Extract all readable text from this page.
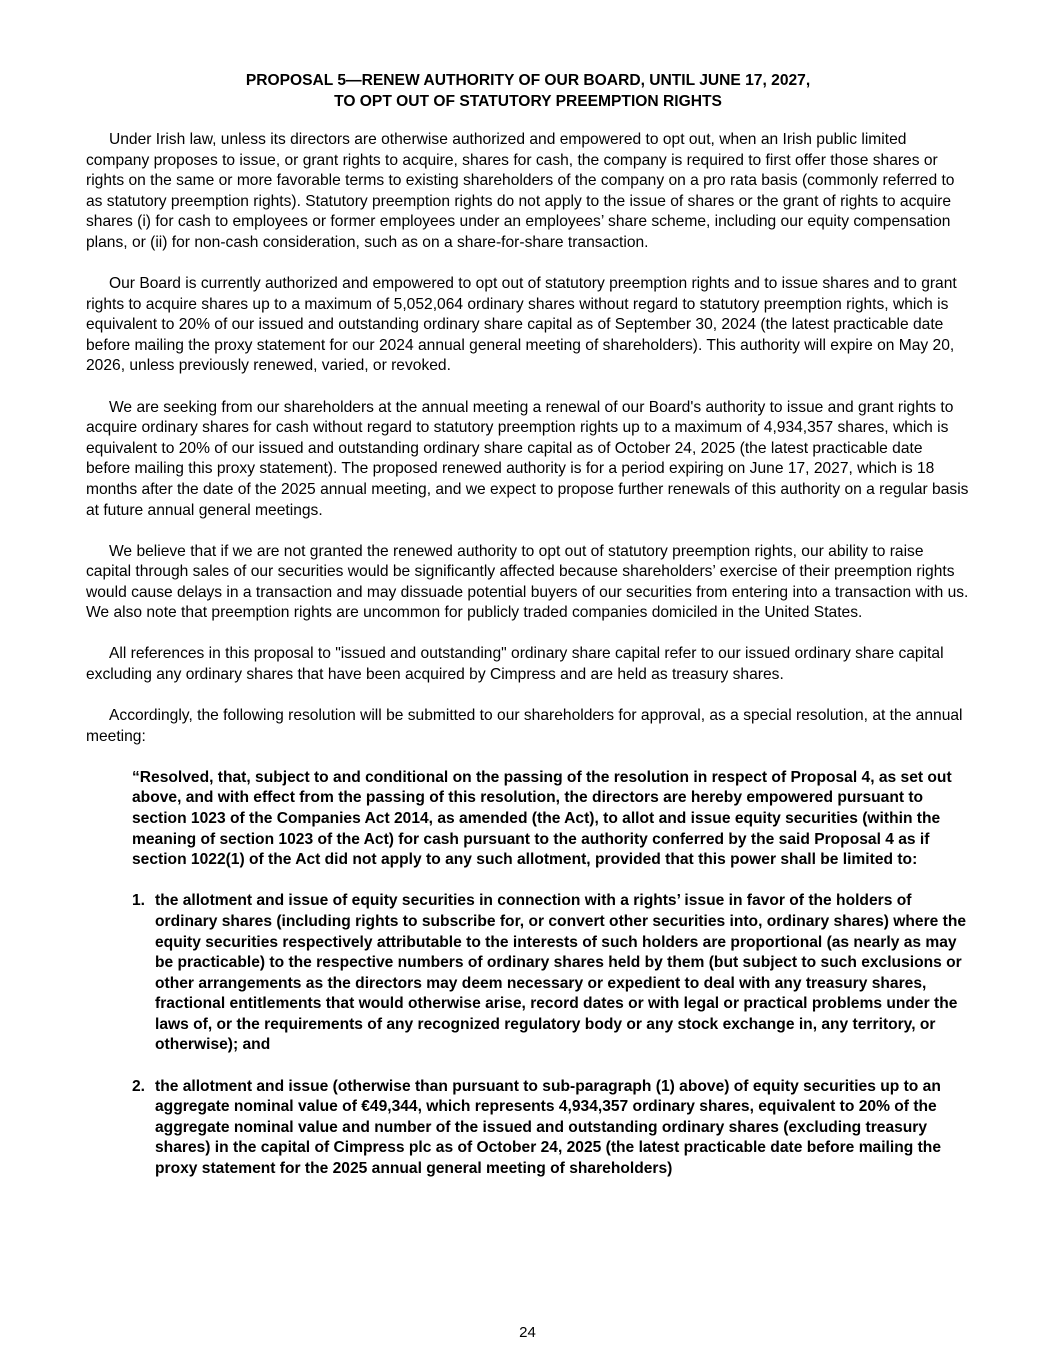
PROPOSAL 5—RENEW AUTHORITY OF OUR BOARD, UNTIL JUNE 17, 2027,
TO OPT OUT OF STATUTORY PREEMPTION RIGHTS

Under Irish law, unless its directors are otherwise authorized and empowered to opt out, when an Irish public limited company proposes to issue, or grant rights to acquire, shares for cash, the company is required to first offer those shares or rights on the same or more favorable terms to existing shareholders of the company on a pro rata basis (commonly referred to as statutory preemption rights). Statutory preemption rights do not apply to the issue of shares or the grant of rights to acquire shares (i) for cash to employees or former employees under an employees’ share scheme, including our equity compensation plans, or (ii) for non-cash consideration, such as on a share-for-share transaction.

Our Board is currently authorized and empowered to opt out of statutory preemption rights and to issue shares and to grant rights to acquire shares up to a maximum of 5,052,064 ordinary shares without regard to statutory preemption rights, which is equivalent to 20% of our issued and outstanding ordinary share capital as of September 30, 2024 (the latest practicable date before mailing the proxy statement for our 2024 annual general meeting of shareholders). This authority will expire on May 20, 2026, unless previously renewed, varied, or revoked.

We are seeking from our shareholders at the annual meeting a renewal of our Board's authority to issue and grant rights to acquire ordinary shares for cash without regard to statutory preemption rights up to a maximum of 4,934,357 shares, which is equivalent to 20% of our issued and outstanding ordinary share capital as of October 24, 2025 (the latest practicable date before mailing this proxy statement). The proposed renewed authority is for a period expiring on June 17, 2027, which is 18 months after the date of the 2025 annual meeting, and we expect to propose further renewals of this authority on a regular basis at future annual general meetings.

We believe that if we are not granted the renewed authority to opt out of statutory preemption rights, our ability to raise capital through sales of our securities would be significantly affected because shareholders’ exercise of their preemption rights would cause delays in a transaction and may dissuade potential buyers of our securities from entering into a transaction with us. We also note that preemption rights are uncommon for publicly traded companies domiciled in the United States.

All references in this proposal to "issued and outstanding" ordinary share capital refer to our issued ordinary share capital excluding any ordinary shares that have been acquired by Cimpress and are held as treasury shares.

Accordingly, the following resolution will be submitted to our shareholders for approval, as a special resolution, at the annual meeting:

“Resolved, that, subject to and conditional on the passing of the resolution in respect of Proposal 4, as set out above, and with effect from the passing of this resolution, the directors are hereby empowered pursuant to section 1023 of the Companies Act 2014, as amended (the Act), to allot and issue equity securities (within the meaning of section 1023 of the Act) for cash pursuant to the authority conferred by the said Proposal 4 as if section 1022(1) of the Act did not apply to any such allotment, provided that this power shall be limited to:

1. the allotment and issue of equity securities in connection with a rights’ issue in favor of the holders of ordinary shares (including rights to subscribe for, or convert other securities into, ordinary shares) where the equity securities respectively attributable to the interests of such holders are proportional (as nearly as may be practicable) to the respective numbers of ordinary shares held by them (but subject to such exclusions or other arrangements as the directors may deem necessary or expedient to deal with any treasury shares, fractional entitlements that would otherwise arise, record dates or with legal or practical problems under the laws of, or the requirements of any recognized regulatory body or any stock exchange in, any territory, or otherwise); and
2. the allotment and issue (otherwise than pursuant to sub-paragraph (1) above) of equity securities up to an aggregate nominal value of €49,344, which represents 4,934,357 ordinary shares, equivalent to 20% of the aggregate nominal value and number of the issued and outstanding ordinary shares (excluding treasury shares) in the capital of Cimpress plc as of October 24, 2025 (the latest practicable date before mailing the proxy statement for the 2025 annual general meeting of shareholders)
24
